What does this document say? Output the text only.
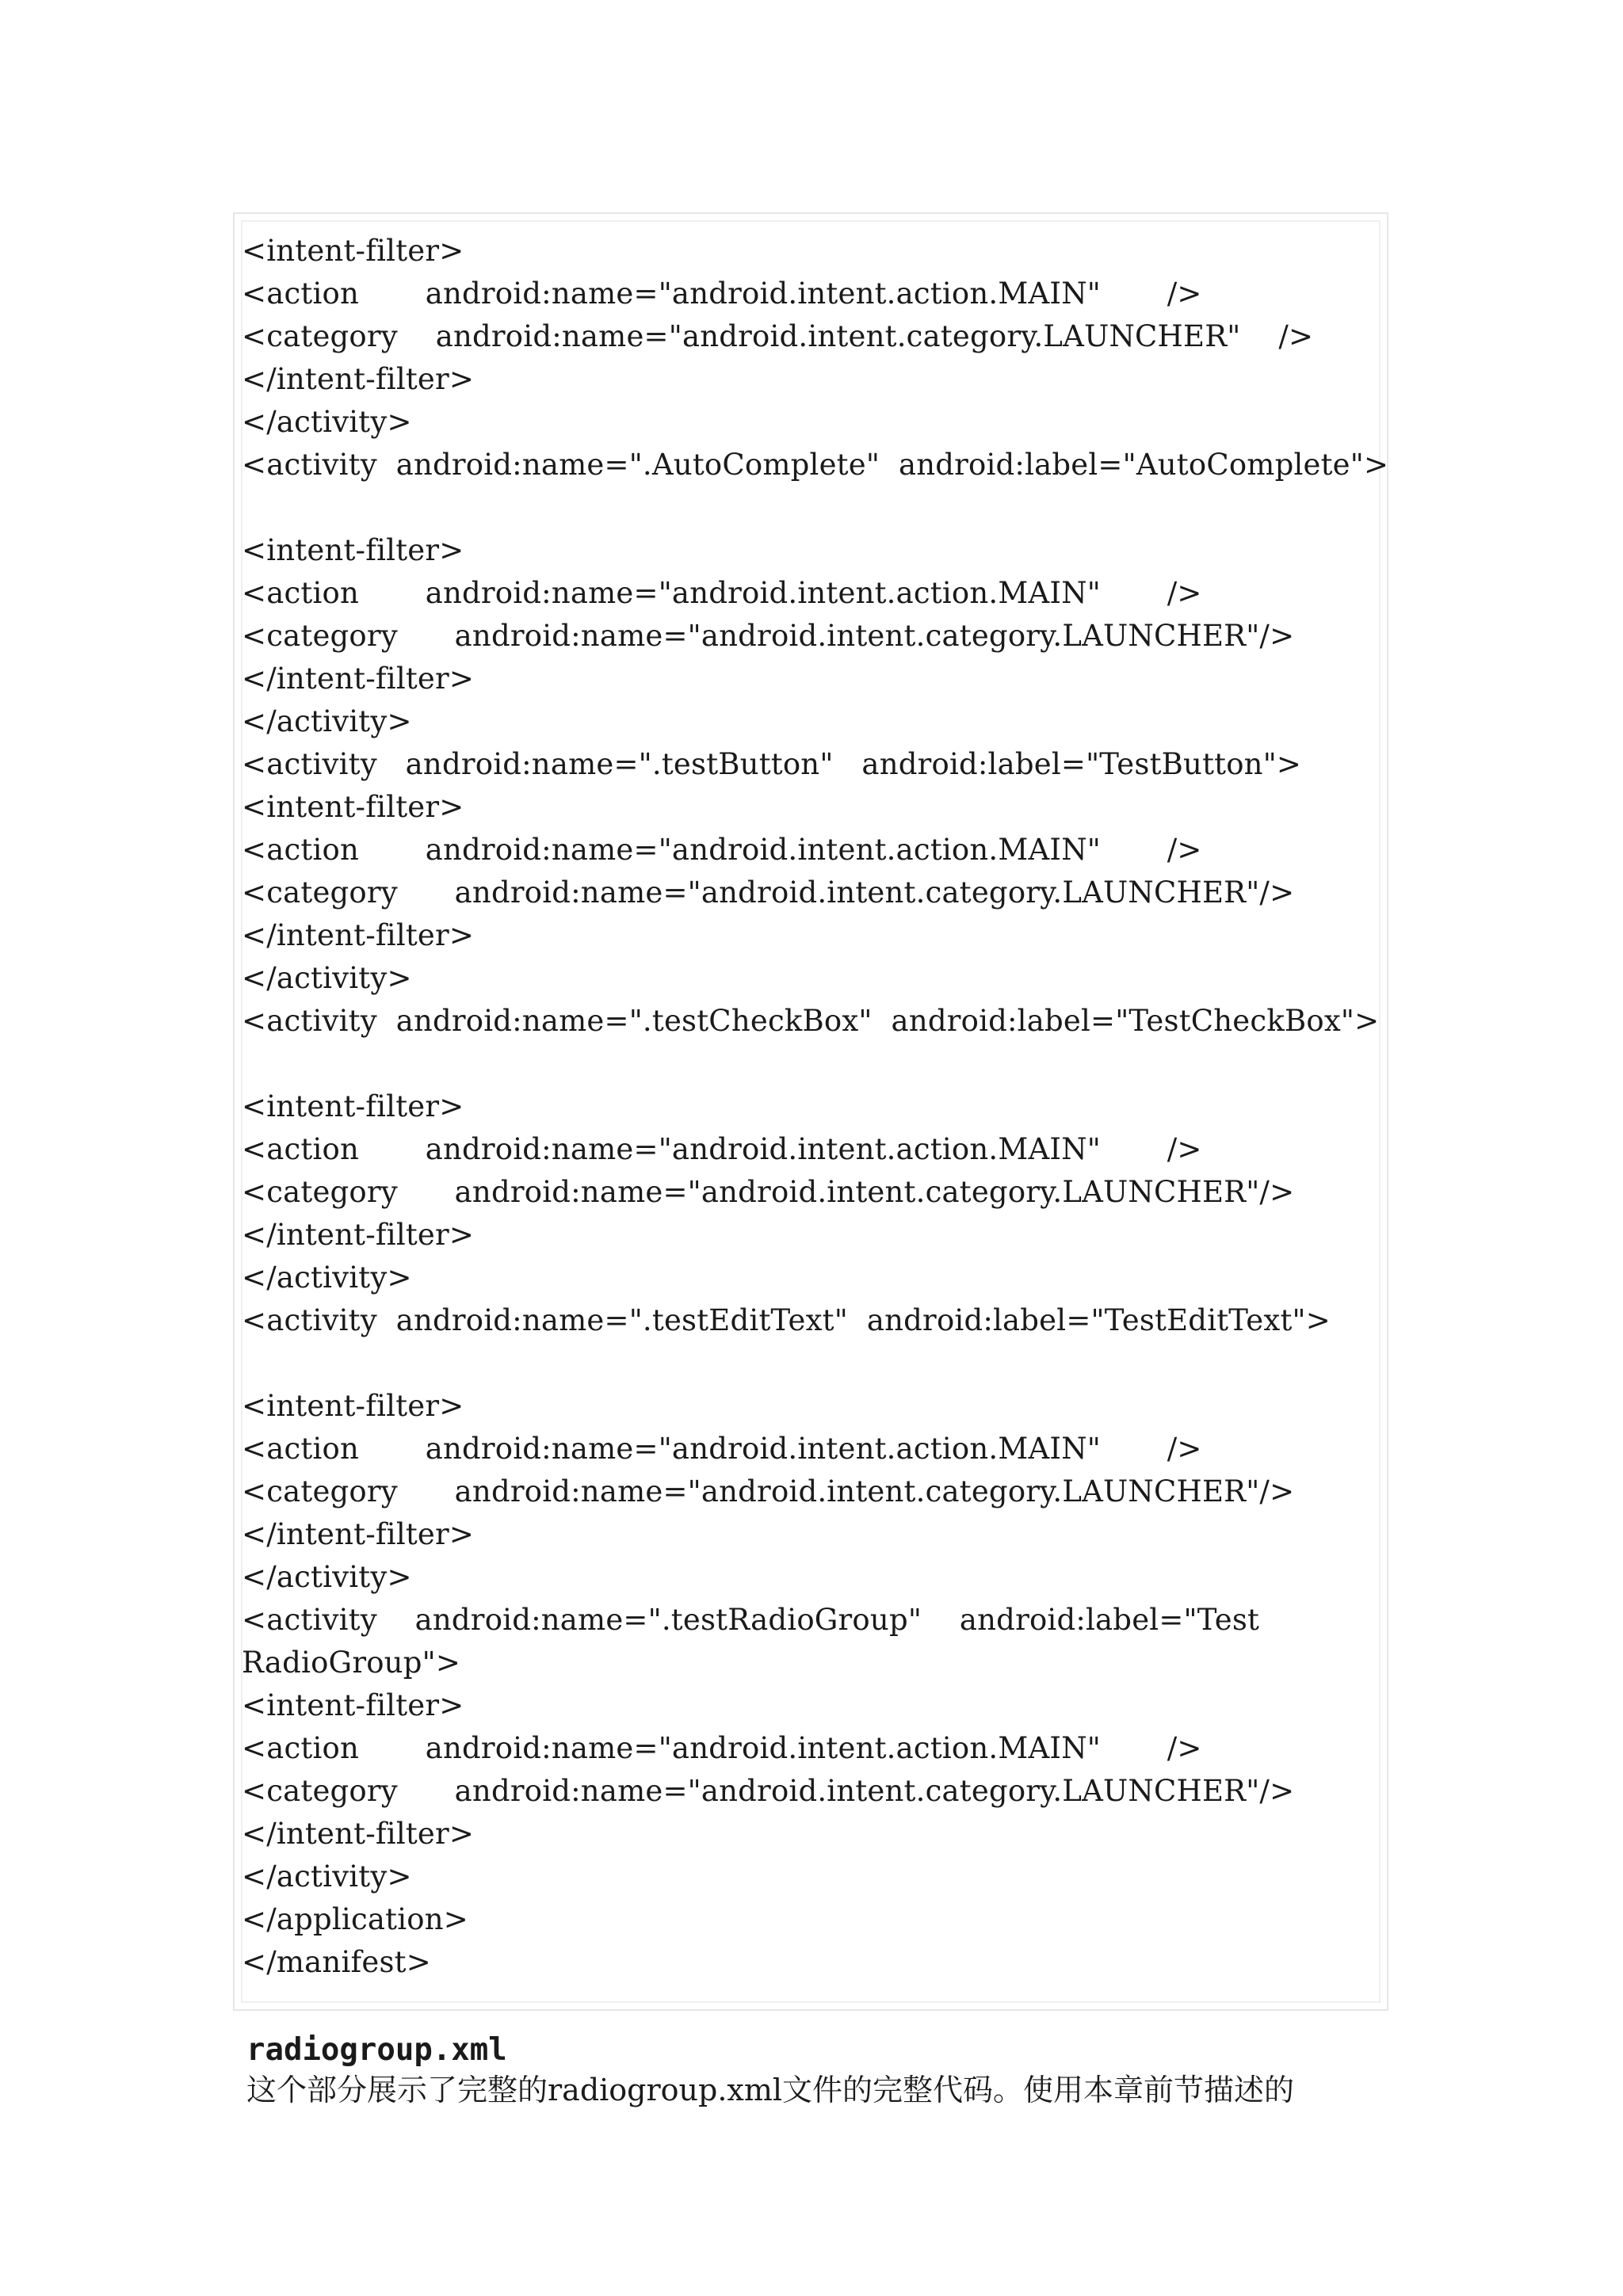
<intent-filter>
<action       android:name="android.intent.action.MAIN"       />
<category    android:name="android.intent.category.LAUNCHER"    />
</intent-filter>
</activity>
<activity  android:name=".AutoComplete"  android:label="AutoComplete">
<intent-filter>
<action       android:name="android.intent.action.MAIN"       />
<category      android:name="android.intent.category.LAUNCHER"/>
</intent-filter>
</activity>
<activity   android:name=".testButton"   android:label="TestButton">
<intent-filter>
<action       android:name="android.intent.action.MAIN"       />
<category      android:name="android.intent.category.LAUNCHER"/>
</intent-filter>
</activity>
<activity  android:name=".testCheckBox"  android:label="TestCheckBox">
<intent-filter>
<action       android:name="android.intent.action.MAIN"       />
<category      android:name="android.intent.category.LAUNCHER"/>
</intent-filter>
</activity>
<activity  android:name=".testEditText"  android:label="TestEditText">
<intent-filter>
<action       android:name="android.intent.action.MAIN"       />
<category      android:name="android.intent.category.LAUNCHER"/>
</intent-filter>
</activity>
<activity    android:name=".testRadioGroup"    android:label="Test
RadioGroup">
<intent-filter>
<action       android:name="android.intent.action.MAIN"       />
<category      android:name="android.intent.category.LAUNCHER"/>
</intent-filter>
</activity>
</application>
</manifest>
radiogroup.xml
这个部分展示了完整的radiogroup.xml文件的完整代码。使用本章前节描述的
